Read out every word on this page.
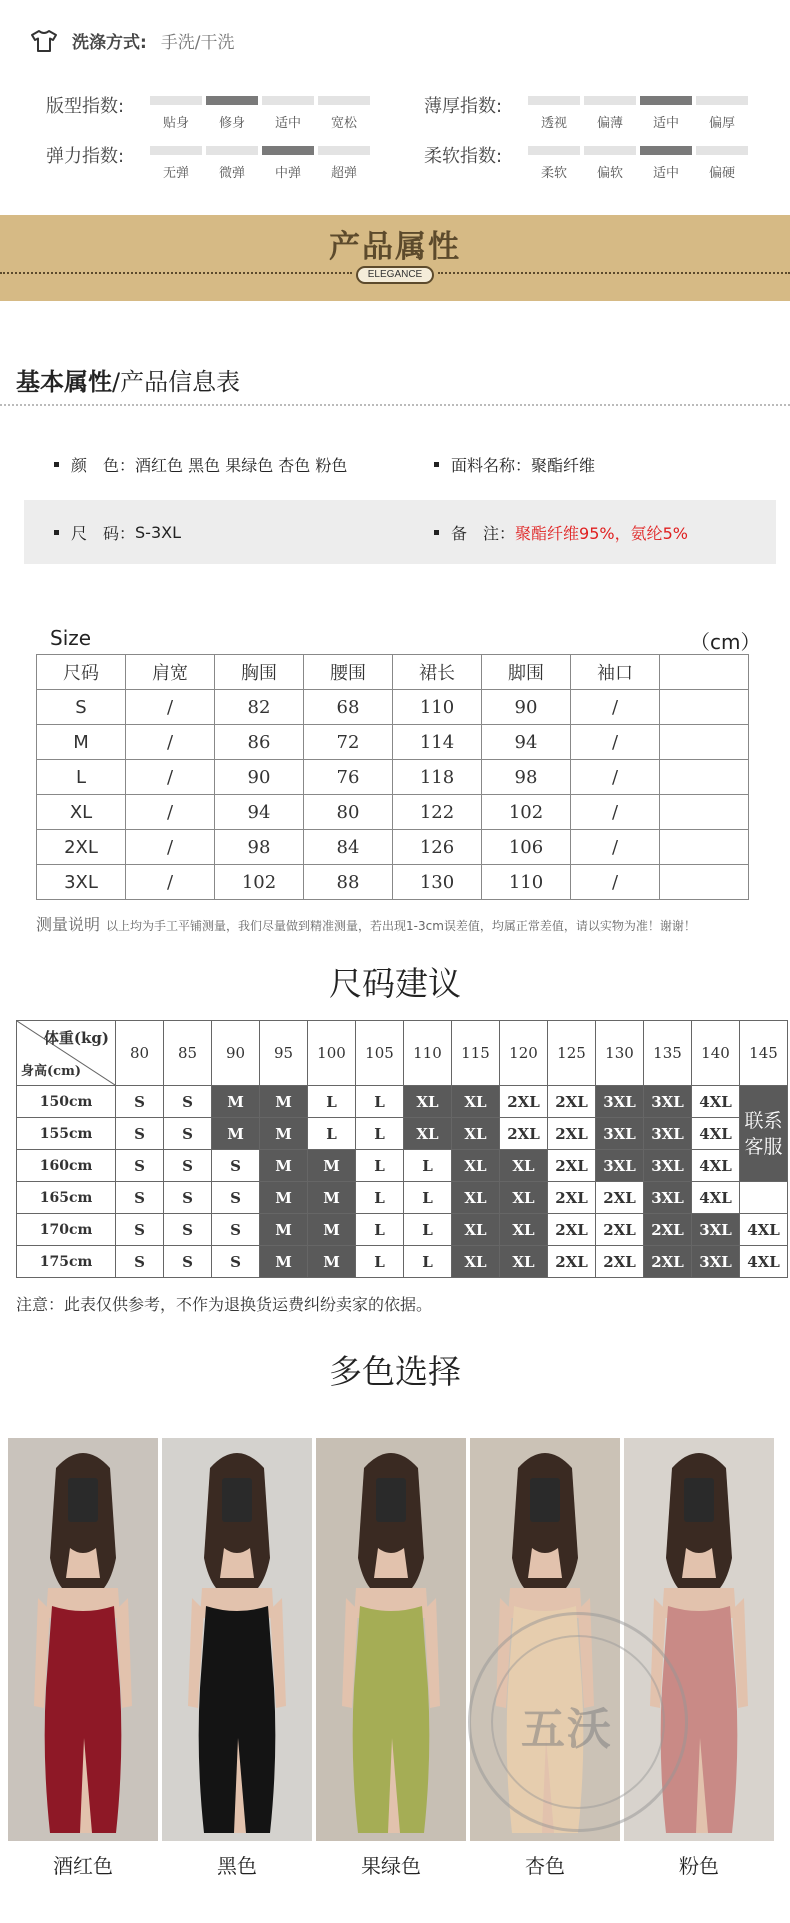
洗涤方式: 手洗/干洗
版型指数:
贴身 修身 适中 宽松
薄厚指数:
透视 偏薄 适中 偏厚
弹力指数:
无弹 微弹 中弹 超弹
柔软指数:
柔软 偏软 适中 偏硬
产品属性
ELEGANCE
基本属性/产品信息表
颜　色： 酒红色 黑色 果绿色 杏色 粉色	面料名称： 聚酯纤维
尺　码： S-3XL	备　注： 聚酯纤维95%，氨纶5%
Size	（cm）
尺码	肩宽	胸围	腰围	裙长	脚围	袖口	
S	/	82	68	110	90	/	
M	/	86	72	114	94	/	
L	/	90	76	118	98	/	
XL	/	94	80	122	102	/	
2XL	/	98	84	126	106	/	
3XL	/	102	88	130	110	/	
测量说明 以上均为手工平铺测量，我们尽量做到精准测量，若出现1-3cm误差值，均属正常差值，请以实物为准！谢谢！
尺码建议
体重(kg)
身高(cm)	80	85	90	95	100	105	110	115	120	125	130	135	140	145
150cm	S	S	M	M	L	L	XL	XL	2XL	2XL	3XL	3XL	4XL	联系客服
155cm	S	S	M	M	L	L	XL	XL	2XL	2XL	3XL	3XL	4XL	
160cm	S	S	S	M	M	L	L	XL	XL	2XL	3XL	3XL	4XL	
165cm	S	S	S	M	M	L	L	XL	XL	2XL	2XL	3XL	4XL	
170cm	S	S	S	M	M	L	L	XL	XL	2XL	2XL	2XL	3XL	4XL
175cm	S	S	S	M	M	L	L	XL	XL	2XL	2XL	2XL	3XL	4XL
注意：此表仅供参考，不作为退换货运费纠纷卖家的依据。
多色选择
酒红色	黑色	果绿色	杏色	粉色
五沃
